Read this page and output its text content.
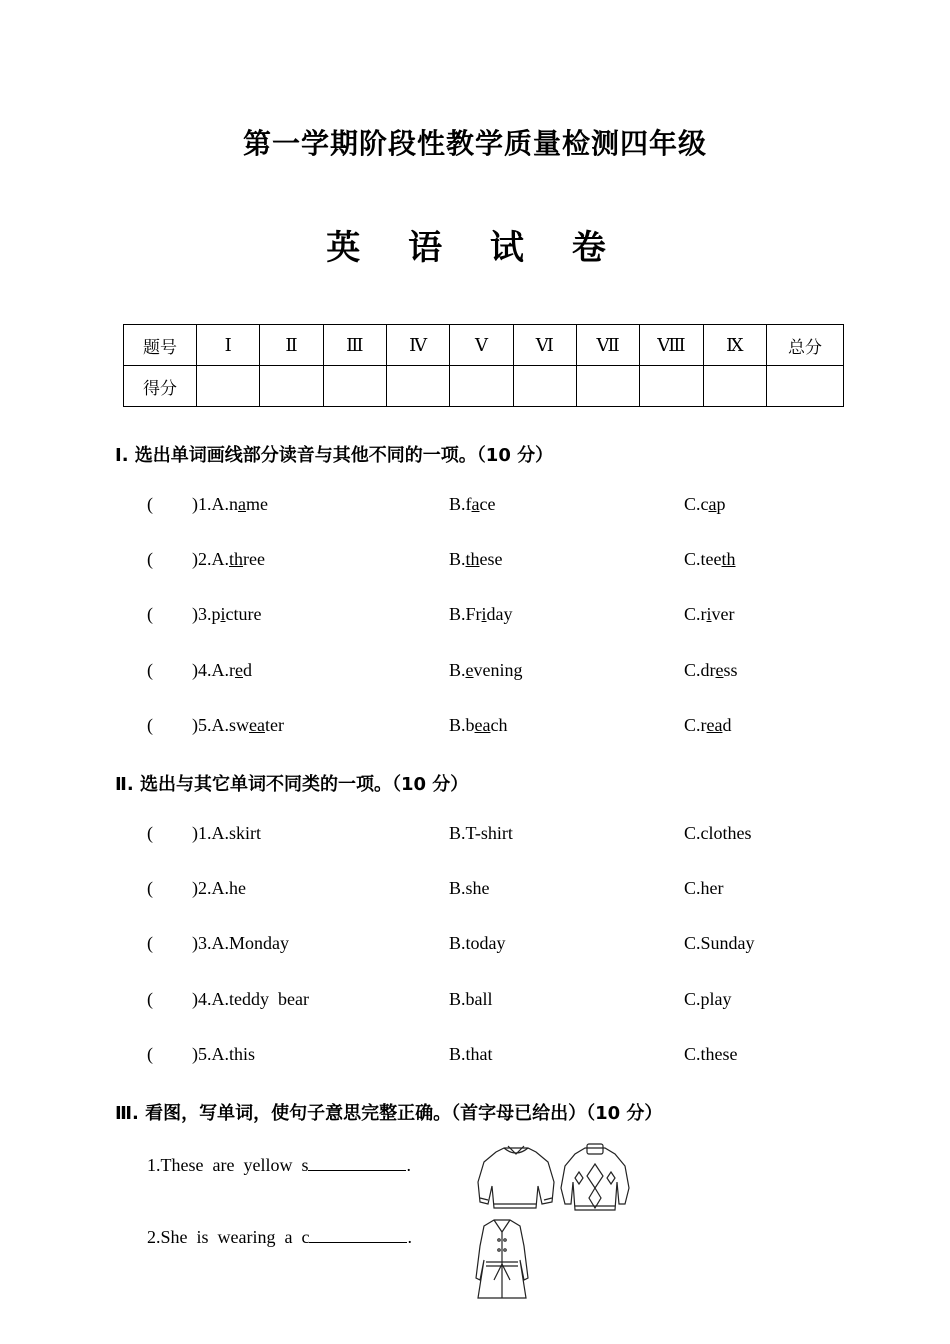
第一学期阶段性教学质量检测四年级
英 语 试 卷
题号	Ⅰ	Ⅱ	Ⅲ	Ⅳ	Ⅴ	Ⅵ	Ⅶ	Ⅷ	Ⅸ	总分
得分										
Ⅰ. 选出单词画线部分读音与其他不同的一项。（10 分）
( )1.A.name	B.face	C.cap
( )2.A.three	B.these	C.teeth
( )3.picture	B.Friday	C.river
( )4.A.red	B.evening	C.dress
( )5.A.sweater	B.beach	C.read
Ⅱ. 选出与其它单词不同类的一项。（10 分）
( )1.A.skirt	B.T-shirt	C.clothes
( )2.A.he	B.she	C.her
( )3.A.Monday	B.today	C.Sunday
( )4.A.teddy  bear	B.ball	C.play
( )5.A.this	B.that	C.these
Ⅲ. 看图，写单词，使句子意思完整正确。（首字母已给出）（10 分）
1.These  are  yellow  s	.
2.She  is  wearing  a  c	.
